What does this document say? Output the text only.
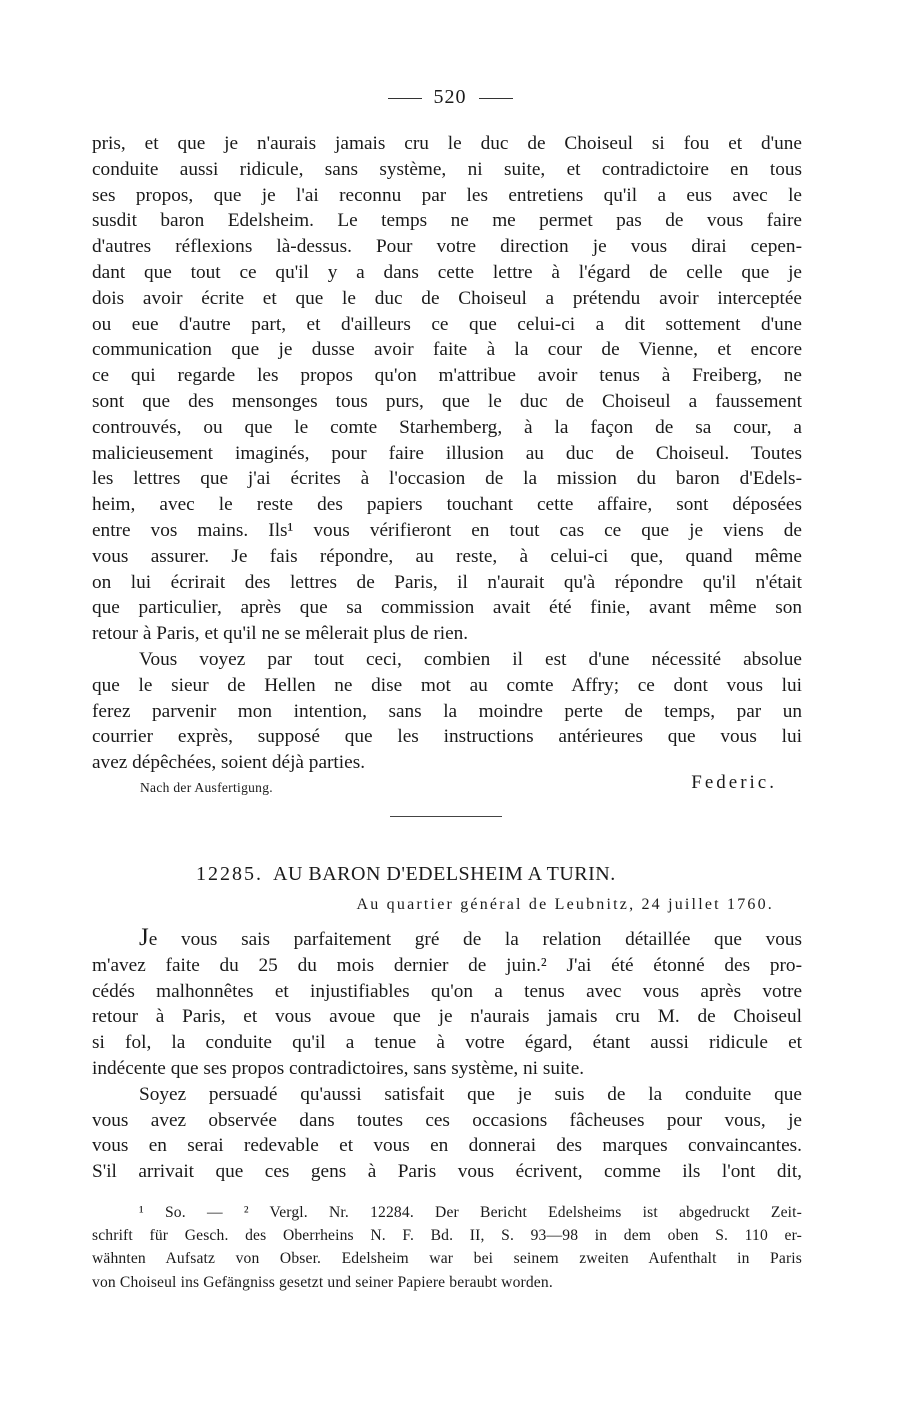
520

pris, et que je n'aurais jamais cru le duc de Choiseul si fou et d'une
conduite aussi ridicule, sans système, ni suite, et contradictoire en tous
ses propos, que je l'ai reconnu par les entretiens qu'il a eus avec le
susdit baron Edelsheim. Le temps ne me permet pas de vous faire
d'autres réflexions là-dessus. Pour votre direction je vous dirai cepen-
dant que tout ce qu'il y a dans cette lettre à l'égard de celle que je
dois avoir écrite et que le duc de Choiseul a prétendu avoir interceptée
ou eue d'autre part, et d'ailleurs ce que celui-ci a dit sottement d'une
communication que je dusse avoir faite à la cour de Vienne, et encore
ce qui regarde les propos qu'on m'attribue avoir tenus à Freiberg, ne
sont que des mensonges tous purs, que le duc de Choiseul a faussement
controuvés, ou que le comte Starhemberg, à la façon de sa cour, a
malicieusement imaginés, pour faire illusion au duc de Choiseul. Toutes
les lettres que j'ai écrites à l'occasion de la mission du baron d'Edels-
heim, avec le reste des papiers touchant cette affaire, sont déposées
entre vos mains. Ils¹ vous vérifieront en tout cas ce que je viens de
vous assurer. Je fais répondre, au reste, à celui-ci que, quand même
on lui écrirait des lettres de Paris, il n'aurait qu'à répondre qu'il n'était
que particulier, après que sa commission avait été finie, avant même son
retour à Paris, et qu'il ne se mêlerait plus de rien.

Vous voyez par tout ceci, combien il est d'une nécessité absolue
que le sieur de Hellen ne dise mot au comte Affry; ce dont vous lui
ferez parvenir mon intention, sans la moindre perte de temps, par un
courrier exprès, supposé que les instructions antérieures que vous lui
avez dépêchées, soient déjà parties.

Nach der Ausfertigung.	Federic.
12285. AU BARON D'EDELSHEIM A TURIN.
Au quartier général de Leubnitz, 24 juillet 1760.

Je vous sais parfaitement gré de la relation détaillée que vous
m'avez faite du 25 du mois dernier de juin.² J'ai été étonné des pro-
cédés malhonnêtes et injustifiables qu'on a tenus avec vous après votre
retour à Paris, et vous avoue que je n'aurais jamais cru M. de Choiseul
si fol, la conduite qu'il a tenue à votre égard, étant aussi ridicule et
indécente que ses propos contradictoires, sans système, ni suite.

Soyez persuadé qu'aussi satisfait que je suis de la conduite que
vous avez observée dans toutes ces occasions fâcheuses pour vous, je
vous en serai redevable et vous en donnerai des marques convaincantes.
S'il arrivait que ces gens à Paris vous écrivent, comme ils l'ont dit,

¹ So. — ² Vergl. Nr. 12284. Der Bericht Edelsheims ist abgedruckt Zeit-
schrift für Gesch. des Oberrheins N. F. Bd. II, S. 93—98 in dem oben S. 110 er-
wähnten Aufsatz von Obser. Edelsheim war bei seinem zweiten Aufenthalt in Paris
von Choiseul ins Gefängniss gesetzt und seiner Papiere beraubt worden.
